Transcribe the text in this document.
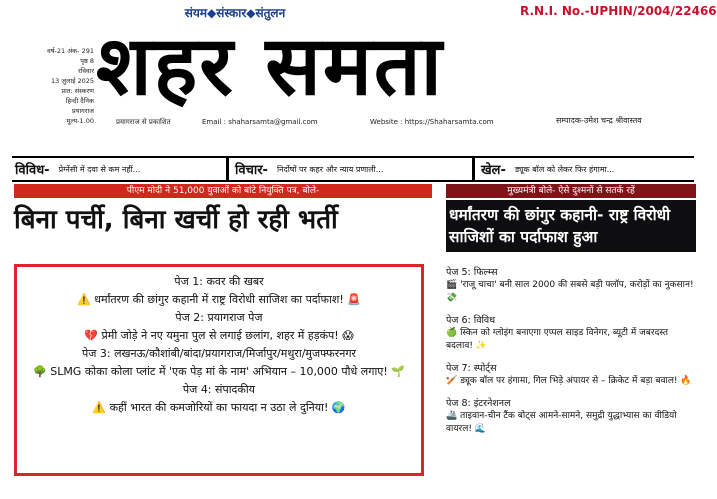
संयम◆संस्कार◆संतुलन	R.N.I. No.-UPHIN/2004/22466
शहर समता
वर्ष-21 अंक- 291
पृष्ठ 8
रविवार
13 जुलाई 2025
प्रात: संस्करण
हिन्दी दैनिक
प्रयागराज
मूल्य-1.00	प्रयागराज से प्रकाशित	Email : shaharsamta@gmail.com	Website : https://Shaharsamta.com	सम्पादक-उमेश चन्द्र श्रीवास्तव
विविध-	प्रेग्नेंसी में दवा से कम नहीं...	विचार-	निर्दोषों पर कहर और न्याय प्रणाली...	खेल-	ड्यूक बॉल को लेकर फिर हंगामा...
पीएम मोदी ने 51,000 युवाओं को बांटे नियुक्ति पत्र, बोले-	मुख्यमंत्री बोले- ऐसे दुश्मनों से सतर्क रहें
बिना पर्ची, बिना खर्ची हो रही भर्ती	धर्मांतरण की छांगुर कहानी- राष्ट्र विरोधी साजिशों का पर्दाफाश हुआ
पेज 1: कवर की खबर
⚠️ धर्मांतरण की छांगुर कहानी में राष्ट्र विरोधी साजिश का पर्दाफाश! 🚨
पेज 2: प्रयागराज पेज
💔 प्रेमी जोड़े ने नए यमुना पुल से लगाई छलांग, शहर में हड़कंप! 😱
पेज 3: लखनऊ/कौशांबी/बांदा/प्रयागराज/मिर्जापुर/मथुरा/मुजफ्फरनगर
🌳 SLMG कोका कोला प्लांट में 'एक पेड़ मां के नाम' अभियान – 10,000 पौधे लगाए! 🌱
पेज 4: संपादकीय
⚠️ कहीं भारत की कमजोरियों का फायदा न उठा ले दुनिया! 🌍
पेज 5: फिल्म्स
🎬 'राजू चाचा' बनी साल 2000 की सबसे बड़ी फ्लॉप, करोड़ों का नुकसान! 💸
पेज 6: विविध
🍏 स्किन को ग्लोइंग बनाएगा एप्पल साइड विनेगर, ब्यूटी में जबरदस्त बदलाव! ✨
पेज 7: स्पोर्ट्स
🏏 ड्यूक बॉल पर हंगामा, गिल भिड़े अंपायर से – क्रिकेट में बड़ा बवाल! 🔥
पेज 8: इंटरनेशनल
🚢 ताइवान-चीन टैंक बोट्स आमने-सामने, समुद्री युद्धाभ्यास का वीडियो वायरल! 🌊
